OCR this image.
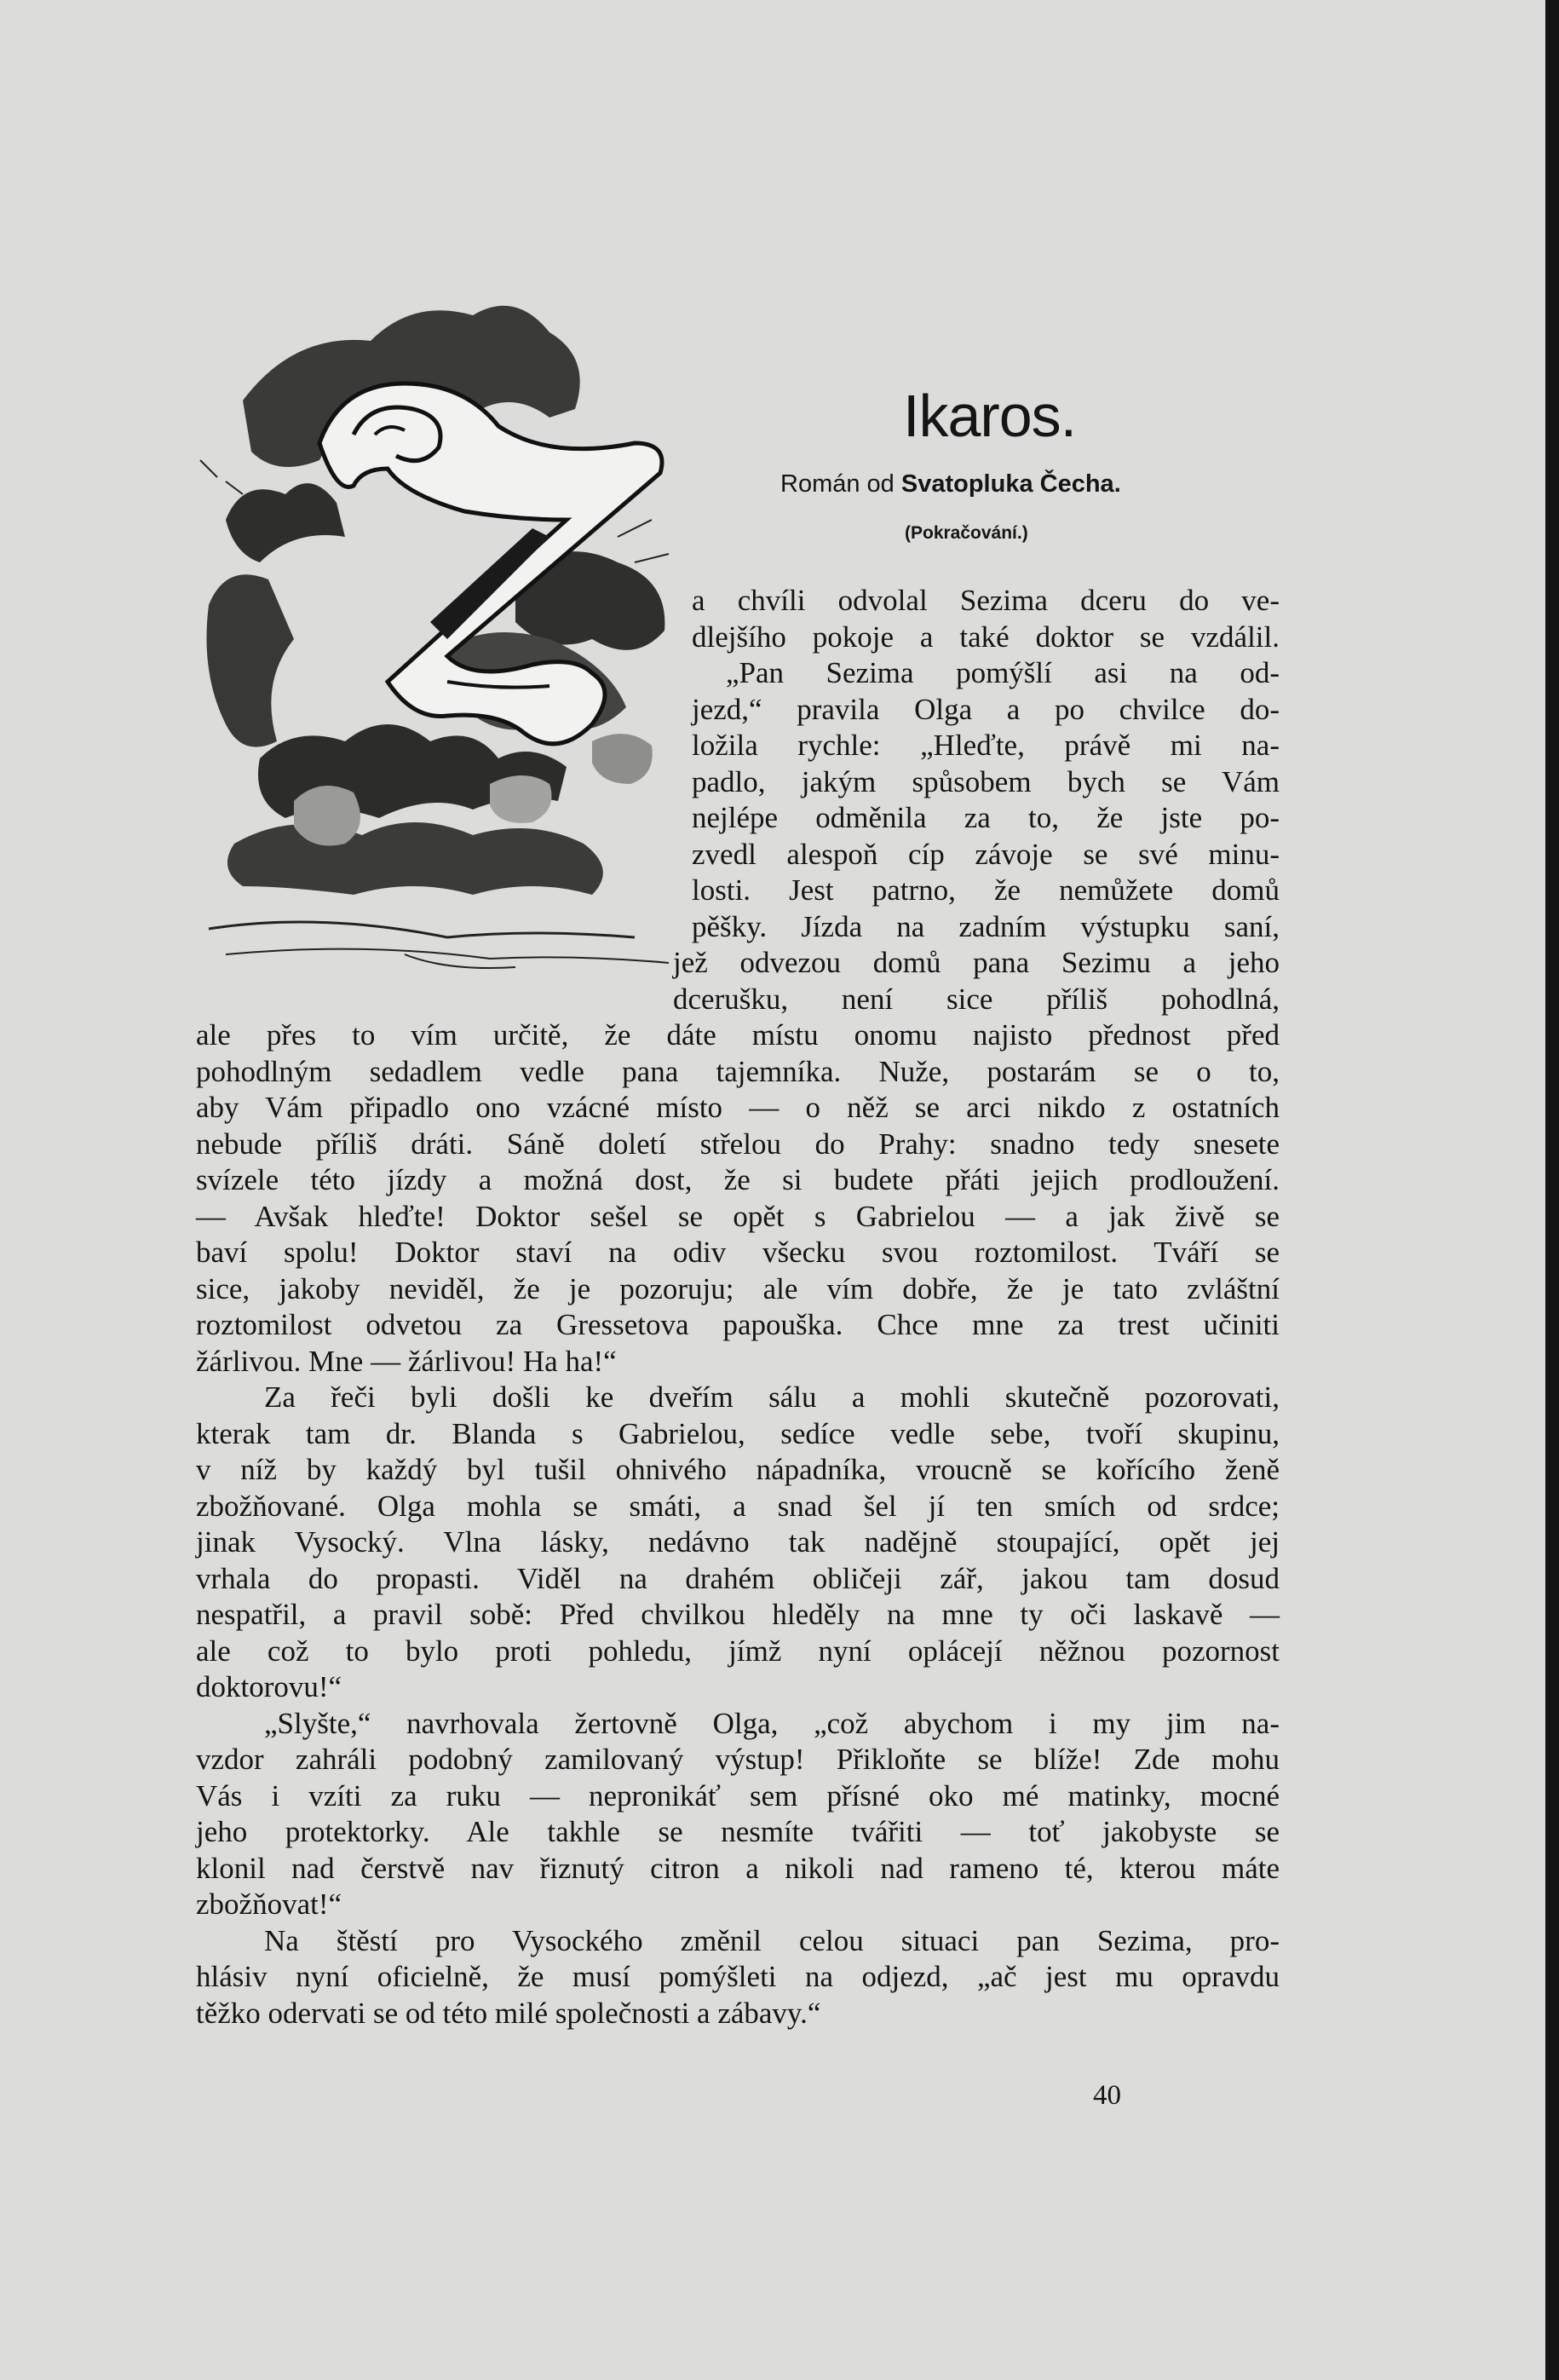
Ikaros.
Román od Svatopluka Čecha.
(Pokračování.)
a chvíli odvolal Sezima dceru do ve-
dlejšího pokoje a také doktor se vzdálil.
„Pan Sezima pomýšlí asi na od-
jezd,“ pravila Olga a po chvilce do-
ložila rychle: „Hleďte, právě mi na-
padlo, jakým spůsobem bych se Vám
nejlépe odměnila za to, že jste po-
zvedl alespoň cíp závoje se své minu-
losti. Jest patrno, že nemůžete domů
pěšky. Jízda na zadním výstupku saní,
jež odvezou domů pana Sezimu a jeho
dcerušku, není sice příliš pohodlná,
ale přes to vím určitě, že dáte místu onomu najisto přednost před
pohodlným sedadlem vedle pana tajemníka. Nuže, postarám se o to,
aby Vám připadlo ono vzácné místo — o něž se arci nikdo z ostatních
nebude příliš dráti. Sáně doletí střelou do Prahy: snadno tedy snesete
svízele této jízdy a možná dost, že si budete přáti jejich prodloužení.
— Avšak hleďte! Doktor sešel se opět s Gabrielou — a jak živě se
baví spolu! Doktor staví na odiv všecku svou roztomilost. Tváří se
sice, jakoby neviděl, že je pozoruju; ale vím dobře, že je tato zvláštní
roztomilost odvetou za Gressetova papouška. Chce mne za trest učiniti
žárlivou. Mne — žárlivou! Ha ha!“
Za řeči byli došli ke dveřím sálu a mohli skutečně pozorovati,
kterak tam dr. Blanda s Gabrielou, sedíce vedle sebe, tvoří skupinu,
v níž by každý byl tušil ohnivého nápadníka, vroucně se kořícího ženě
zbožňované. Olga mohla se smáti, a snad šel jí ten smích od srdce;
jinak Vysocký. Vlna lásky, nedávno tak nadějně stoupající, opět jej
vrhala do propasti. Viděl na drahém obličeji zář, jakou tam dosud
nespatřil, a pravil sobě: Před chvilkou hleděly na mne ty oči laskavě —
ale což to bylo proti pohledu, jímž nyní oplácejí něžnou pozornost
doktorovu!“
„Slyšte,“ navrhovala žertovně Olga, „což abychom i my jim na-
vzdor zahráli podobný zamilovaný výstup! Přikloňte se blíže! Zde mohu
Vás i vzíti za ruku — nepronikáť sem přísné oko mé matinky, mocné
jeho protektorky. Ale takhle se nesmíte tvářiti — toť jakobyste se
klonil nad čerstvě nav řiznutý citron a nikoli nad rameno té, kterou máte
zbožňovat!“
Na štěstí pro Vysockého změnil celou situaci pan Sezima, pro-
hlásiv nyní oficielně, že musí pomýšleti na odjezd, „ač jest mu opravdu
těžko odervati se od této milé společnosti a zábavy.“
40
